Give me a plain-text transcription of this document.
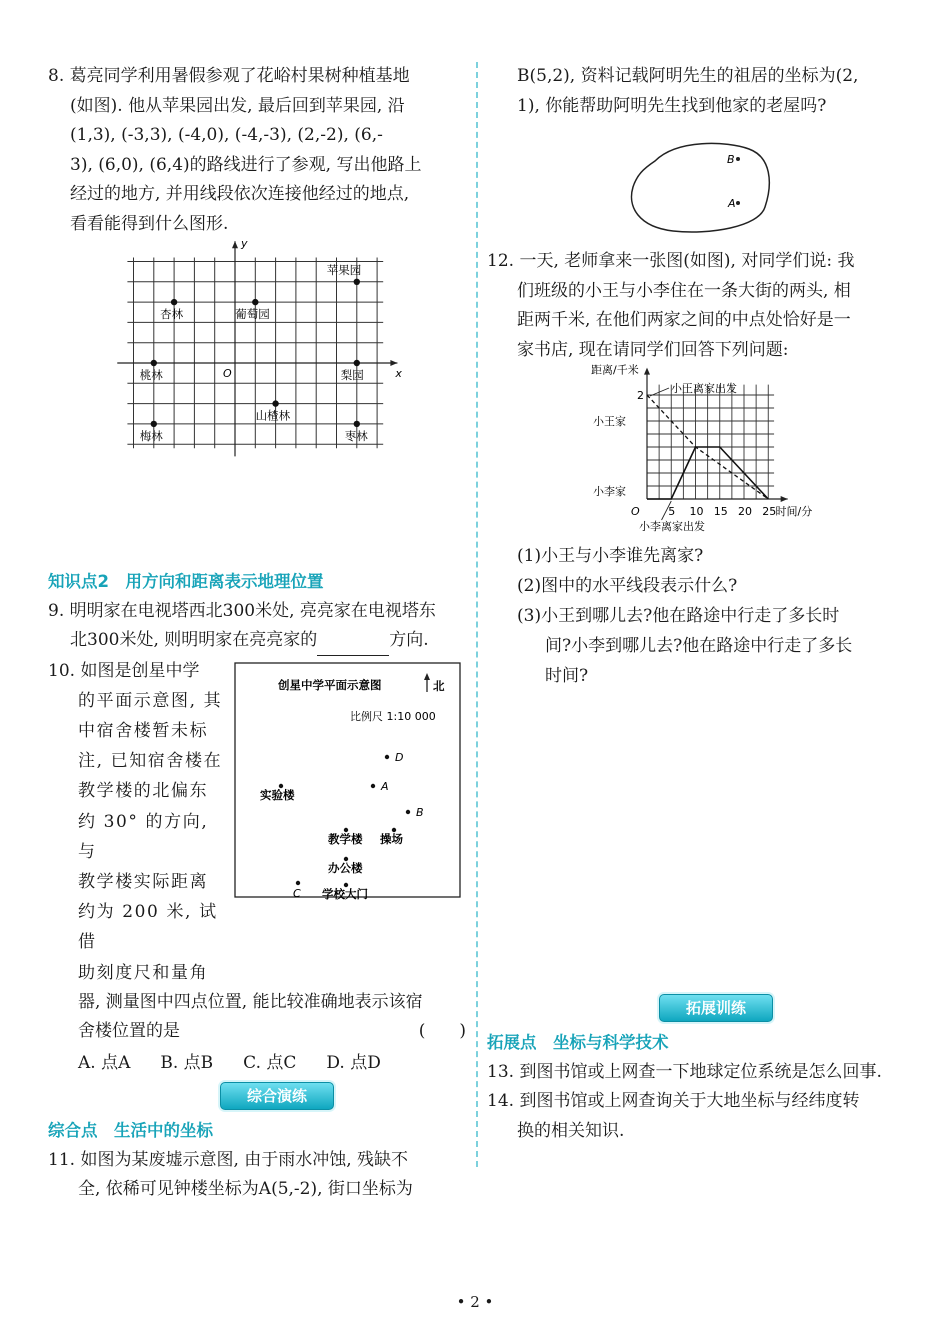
8. 葛亮同学利用暑假参观了花峪村果树种植基地

(如图). 他从苹果园出发, 最后回到苹果园, 沿

(1,3), (-3,3), (-4,0), (-4,-3), (2,-2), (6,-

3), (6,0), (6,4)的路线进行了参观, 写出他路上

经过的地方, 并用线段依次连接他经过的地点,

看看能得到什么图形.

x
y
O
苹果园
杏林	葡萄园
桃林	梨园
山楂林
梅林	枣林

知识点2　用方向和距离表示地理位置

9. 明明家在电视塔西北300米处, 亮亮家在电视塔东

北300米处, 则明明家在亮亮家的	方向.

10. 如图是创星中学

的平面示意图, 其

中宿舍楼暂未标

注, 已知宿舍楼在

教学楼的北偏东

约 30° 的方向, 与

教学楼实际距离

约为 200 米, 试借

助刻度尺和量角

创星中学平面示意图	北
比例尺 1:10 000
D
A
B
C
实验楼
教学楼 操场
办公楼
学校大门

器, 测量图中四点位置, 能比较准确地表示该宿

舍楼位置的是	(　　)

A. 点A B. 点B C. 点C D. 点D

综合演练

综合点　生活中的坐标

11. 如图为某废墟示意图, 由于雨水冲蚀, 残缺不

全, 依稀可见钟楼坐标为A(5,-2), 街口坐标为

B(5,2), 资料记载阿明先生的祖居的坐标为(2,

1), 你能帮助阿明先生找到他家的老屋吗?

B
A

12. 一天, 老师拿来一张图(如图), 对同学们说: 我

们班级的小王与小李住在一条大街的两头, 相

距两千米, 在他们两家之间的中点处恰好是一

家书店, 现在请同学们回答下列问题:

距离/千米
时间/分
2
O	5 10 15 20 25
小王家
小李家
小王离家出发
小李离家出发

(1)小王与小李谁先离家?

(2)图中的水平线段表示什么?

(3)小王到哪儿去?他在路途中行走了多长时

间?小李到哪儿去?他在路途中行走了多长

时间?

拓展训练

拓展点　坐标与科学技术

13. 到图书馆或上网查一下地球定位系统是怎么回事.

14. 到图书馆或上网查询关于大地坐标与经纬度转

换的相关知识.

• 2 •
